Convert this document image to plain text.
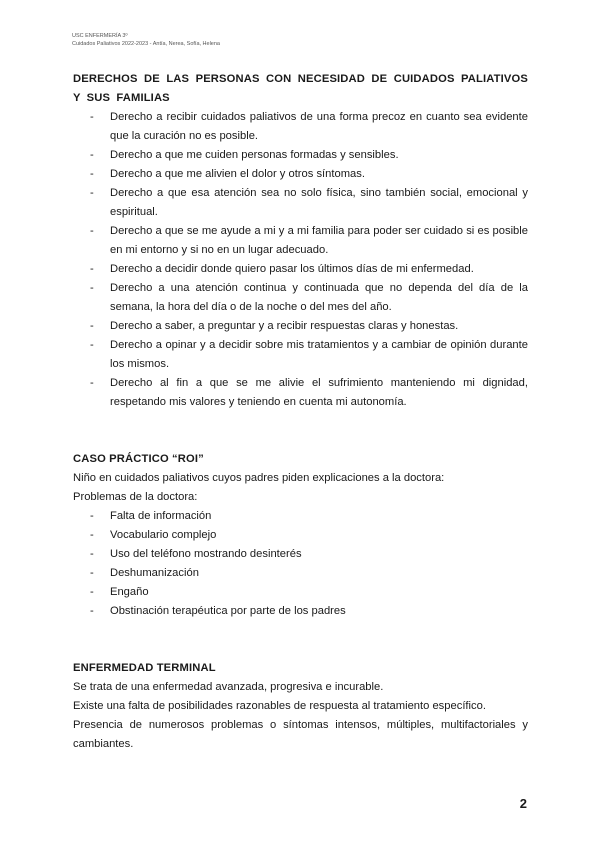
USC ENFERMERÍA 3º
Cuidados Paliativos 2022-2023 - Antía, Nerea, Sofía, Helena
DERECHOS DE LAS PERSONAS CON NECESIDAD DE CUIDADOS PALIATIVOS Y SUS FAMILIAS
- Derecho a recibir cuidados paliativos de una forma precoz en cuanto sea evidente que la curación no es posible.
- Derecho a que me cuiden personas formadas y sensibles.
- Derecho a que me alivien el dolor y otros síntomas.
- Derecho a que esa atención sea no solo física, sino también social, emocional y espiritual.
- Derecho a que se me ayude a mi y a mi familia para poder ser cuidado si es posible en mi entorno y si no en un lugar adecuado.
- Derecho a decidir donde quiero pasar los últimos días de mi enfermedad.
- Derecho a una atención continua y continuada que no dependa del día de la semana, la hora del día o de la noche o del mes del año.
- Derecho a saber, a preguntar y a recibir respuestas claras y honestas.
- Derecho a opinar y a decidir sobre mis tratamientos y a cambiar de opinión durante los mismos.
- Derecho al fin a que se me alivie el sufrimiento manteniendo mi dignidad, respetando mis valores y teniendo en cuenta mi autonomía.
CASO PRÁCTICO “ROI”
Niño en cuidados paliativos cuyos padres piden explicaciones a la doctora:
Problemas de la doctora:
- Falta de información
- Vocabulario complejo
- Uso del teléfono mostrando desinterés
- Deshumanización
- Engaño
- Obstinación terapéutica por parte de los padres
ENFERMEDAD TERMINAL
Se trata de una enfermedad avanzada, progresiva e incurable.
Existe una falta de posibilidades razonables de respuesta al tratamiento específico.
Presencia de numerosos problemas o síntomas intensos, múltiples, multifactoriales y cambiantes.
2
